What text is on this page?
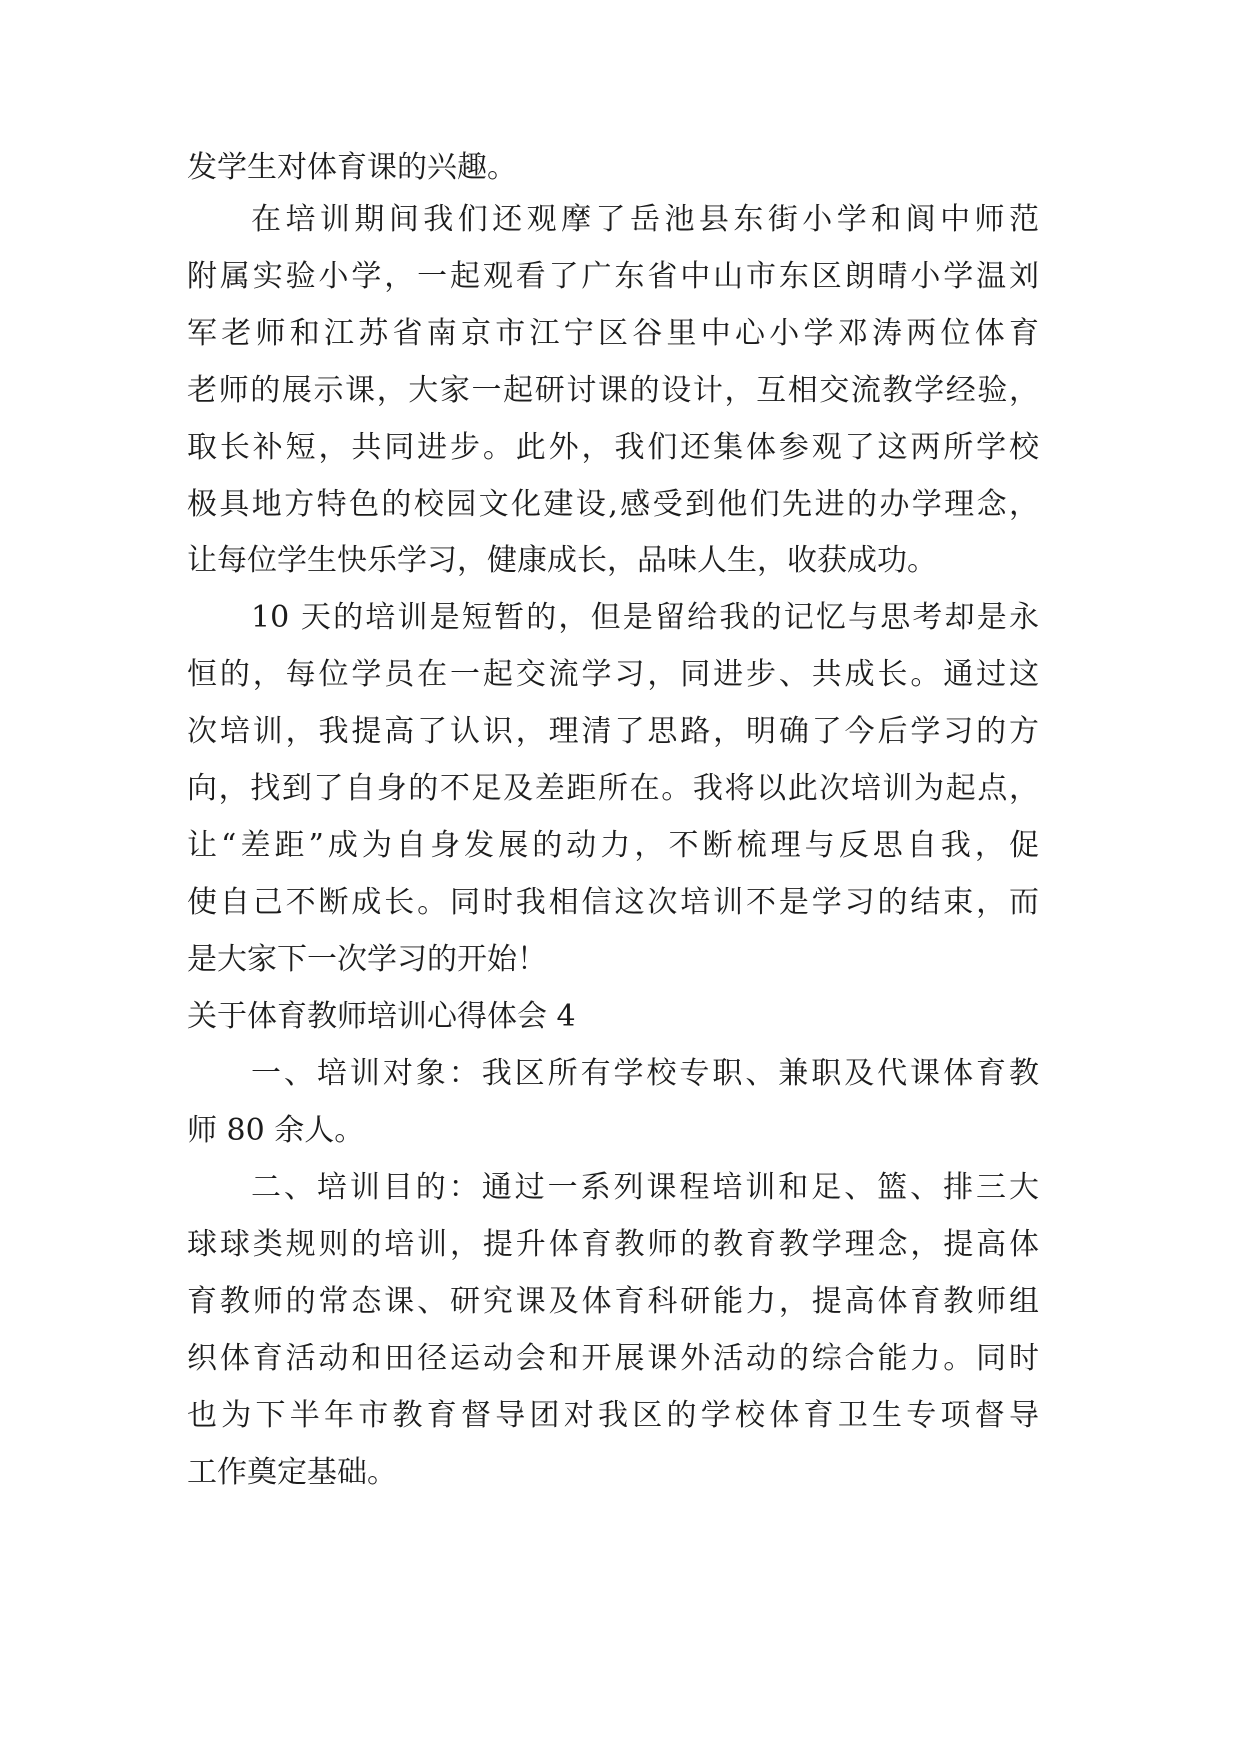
发学生对体育课的兴趣。
在培训期间我们还观摩了岳池县东街小学和阆中师范
附属实验小学，一起观看了广东省中山市东区朗晴小学温刘
军老师和江苏省南京市江宁区谷里中心小学邓涛两位体育
老师的展示课，大家一起研讨课的设计，互相交流教学经验，
取长补短，共同进步。此外，我们还集体参观了这两所学校
极具地方特色的校园文化建设,感受到他们先进的办学理念，
让每位学生快乐学习，健康成长，品味人生，收获成功。
10 天的培训是短暂的，但是留给我的记忆与思考却是永
恒的，每位学员在一起交流学习，同进步、共成长。通过这
次培训，我提高了认识，理清了思路，明确了今后学习的方
向，找到了自身的不足及差距所在。我将以此次培训为起点，
让“差距”成为自身发展的动力，不断梳理与反思自我，促
使自己不断成长。同时我相信这次培训不是学习的结束，而
是大家下一次学习的开始！
关于体育教师培训心得体会 4
一、培训对象：我区所有学校专职、兼职及代课体育教
师 80 余人。
二、培训目的：通过一系列课程培训和足、篮、排三大
球球类规则的培训，提升体育教师的教育教学理念，提高体
育教师的常态课、研究课及体育科研能力，提高体育教师组
织体育活动和田径运动会和开展课外活动的综合能力。同时
也为下半年市教育督导团对我区的学校体育卫生专项督导
工作奠定基础。
